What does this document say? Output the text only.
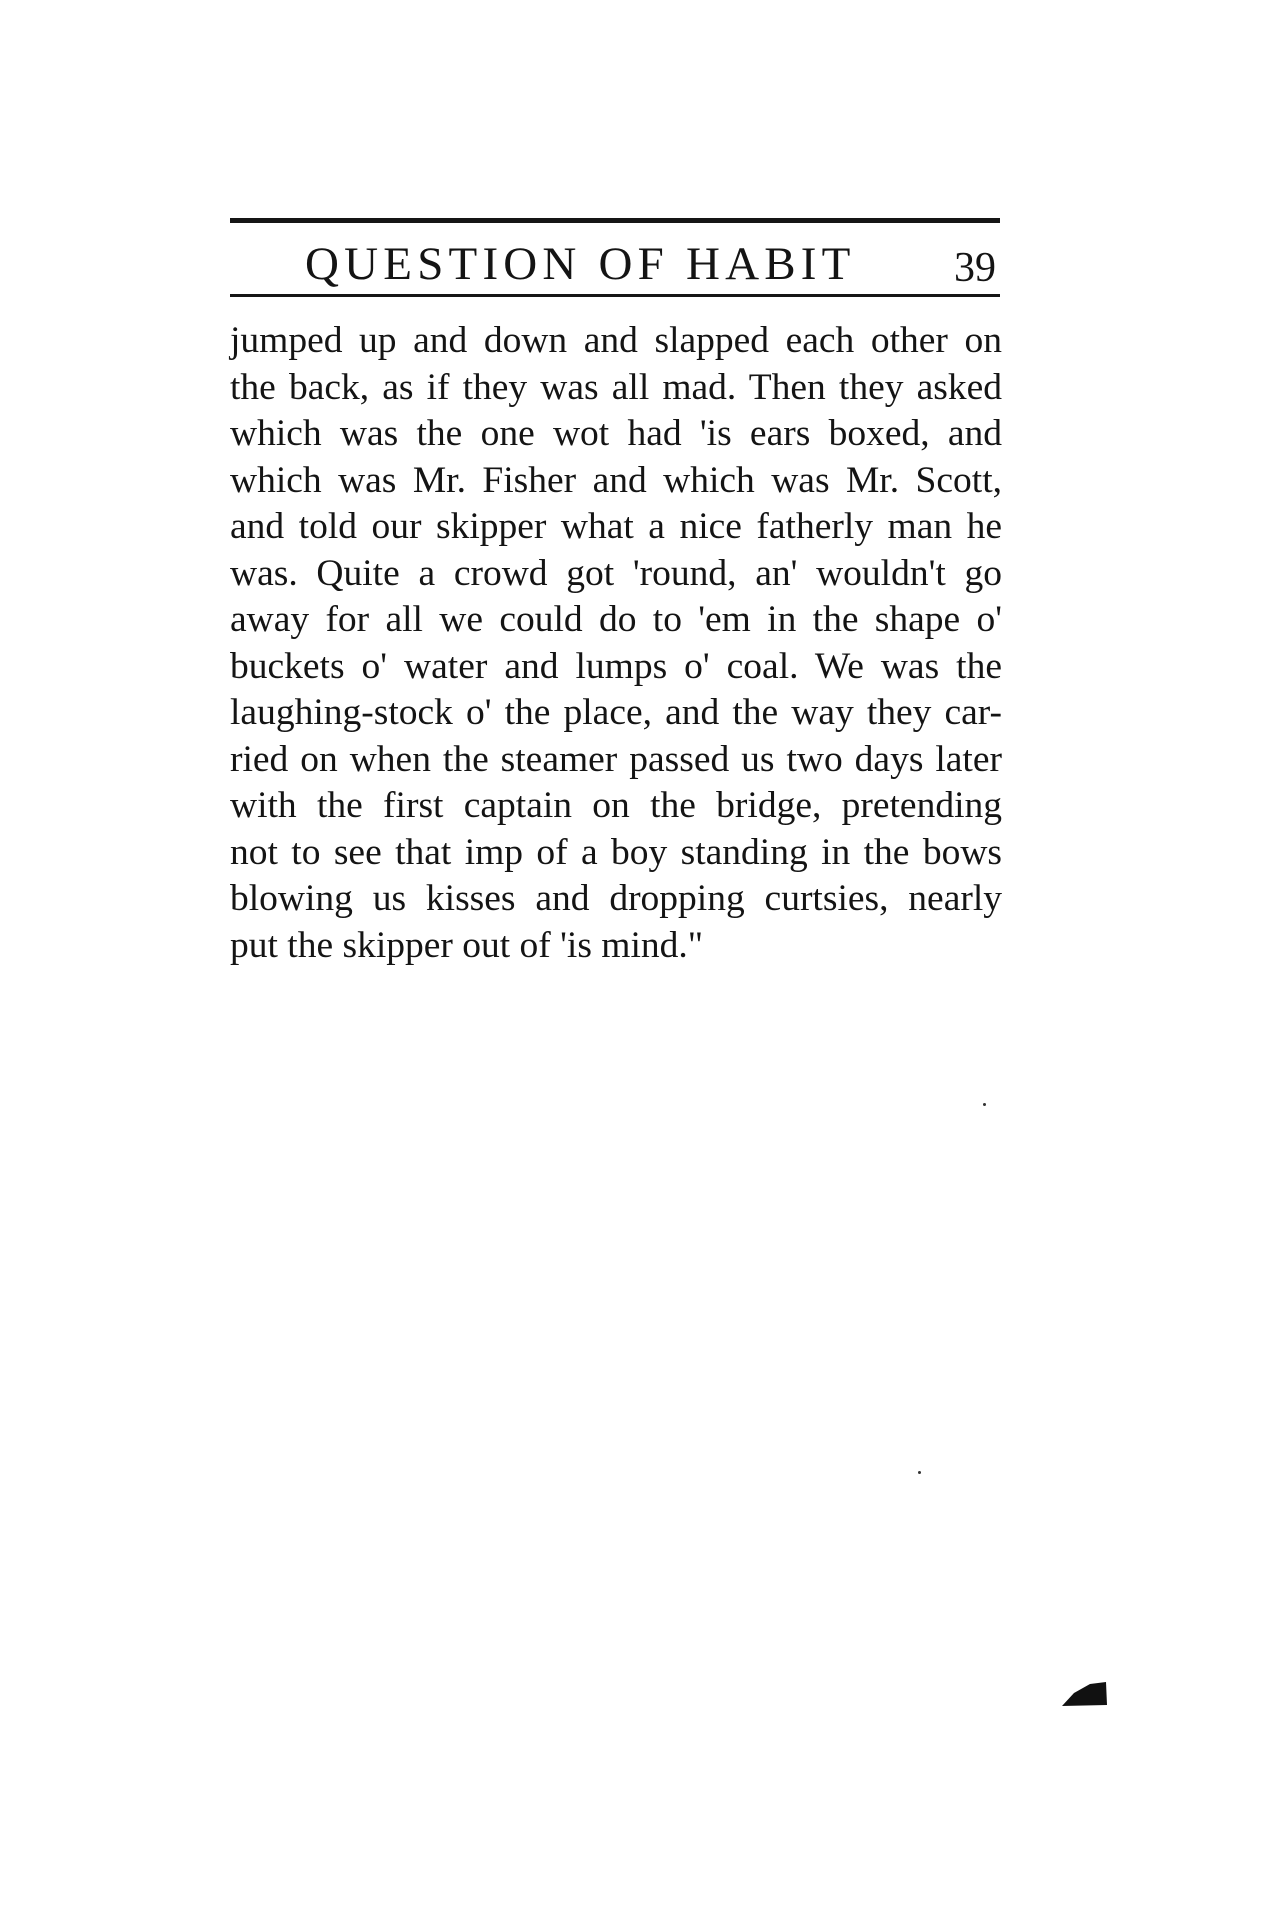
QUESTION OF HABIT 39
jumped up and down and slapped each other on
the back, as if they was all mad. Then they asked
which was the one wot had 'is ears boxed, and
which was Mr. Fisher and which was Mr. Scott,
and told our skipper what a nice fatherly man he
was. Quite a crowd got 'round, an' wouldn't go
away for all we could do to 'em in the shape o'
buckets o' water and lumps o' coal. We was the
laughing-stock o' the place, and the way they car-
ried on when the steamer passed us two days later
with the first captain on the bridge, pretending
not to see that imp of a boy standing in the bows
blowing us kisses and dropping curtsies, nearly
put the skipper out of 'is mind."
